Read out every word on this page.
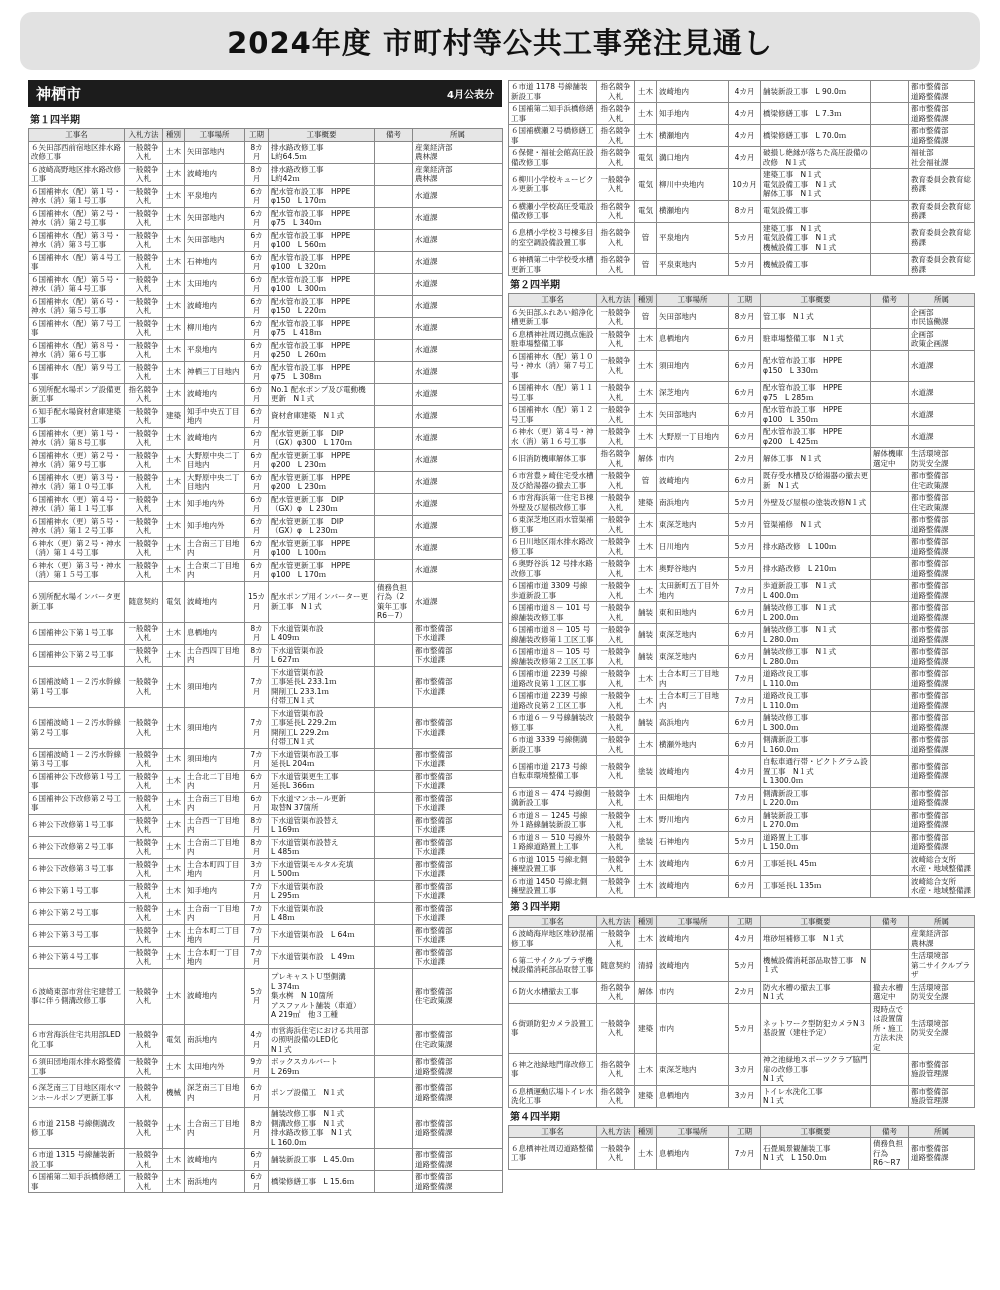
2024年度 市町村等公共工事発注見通し
神栖市	4月公表分
第１四半期
工事名	入札方法	種別	工事場所	工期	工事概要	備考	所属
６矢田部西前宿地区排水路改修工事	一般競争入札	土木	矢田部地内	8カ月	排水路改修工事
L約64.5ｍ		産業経済部
農林課
６波崎高野地区排水路改修工事	一般競争入札	土木	波崎地内	8カ月	排水路改修工事
L約42ｍ		産業経済部
農林課
６国補神水（配）第１号・神水（消）第１号工事	一般競争入札	土木	平泉地内	6カ月	配水管布設工事　HPPE
φ150　L 170ｍ		水道課
６国補神水（配）第２号・神水（消）第２号工事	一般競争入札	土木	矢田部地内	6カ月	配水管布設工事　HPPE
φ75　L 340ｍ		水道課
６国補神水（配）第３号・神水（消）第３号工事	一般競争入札	土木	矢田部地内	6カ月	配水管布設工事　HPPE
φ100　L 560ｍ		水道課
６国補神水（配）第４号工事	一般競争入札	土木	石神地内	6カ月	配水管布設工事　HPPE
φ100　L 320ｍ		水道課
６国補神水（配）第５号・神水（消）第４号工事	一般競争入札	土木	太田地内	6カ月	配水管布設工事　HPPE
φ100　L 300ｍ		水道課
６国補神水（配）第６号・神水（消）第５号工事	一般競争入札	土木	波崎地内	6カ月	配水管布設工事　HPPE
φ150　L 220ｍ		水道課
６国補神水（配）第７号工事	一般競争入札	土木	柳川地内	6カ月	配水管布設工事　HPPE
φ75　L 418ｍ		水道課
６国補神水（配）第８号・神水（消）第６号工事	一般競争入札	土木	平泉地内	6カ月	配水管布設工事　HPPE
φ250　L 260ｍ		水道課
６国補神水（配）第９号工事	一般競争入札	土木	神栖三丁目地内	6カ月	配水管布設工事　HPPE
φ75　L 308ｍ		水道課
６別所配水場ポンプ設備更新工事	指名競争入札	土木	波崎地内	6カ月	No.1 配水ポンプ及び電動機更新　N１式		水道課
６知手配水場資材倉庫建築工事	一般競争入札	建築	知手中央五丁目地内	6カ月	資材倉庫建築　N１式		水道課
６国補神水（更）第１号・神水（消）第８号工事	一般競争入札	土木	波崎地内	6カ月	配水管更新工事　DIP
（GX）φ300　L 170ｍ		水道課
６国補神水（更）第２号・神水（消）第９号工事	一般競争入札	土木	大野原中央二丁目地内	6カ月	配水管更新工事　HPPE
φ200　L 230ｍ		水道課
６国補神水（更）第３号・神水（消）第１０号工事	一般競争入札	土木	大野原中央二丁目地内	6カ月	配水管更新工事　HPPE
φ200　L 230ｍ		水道課
６国補神水（更）第４号・神水（消）第１１号工事	一般競争入札	土木	知手地内外	6カ月	配水管更新工事　DIP
（GX）φ　L 230ｍ		水道課
６国補神水（更）第５号・神水（消）第１２号工事	一般競争入札	土木	知手地内外	6カ月	配水管更新工事　DIP
（GX）φ　L 230ｍ		水道課
６神水（更）第２号・神水（消）第１４号工事	一般競争入札	土木	土合南三丁目地内	6カ月	配水管更新工事　HPPE
φ100　L 100ｍ		水道課
６神水（更）第３号・神水（消）第１５号工事	一般競争入札	土木	土合東二丁目地内	6カ月	配水管更新工事　HPPE
φ100　L 170ｍ		水道課
６別所配水場インバータ更新工事	随意契約	電気	波崎地内	15カ月	配水ポンプ用インバーター更新工事　N１式	債務負担行為（2策年工事R6－7）	水道課
６国補神公下第１号工事	一般競争入札	土木	息栖地内	8カ月	下水道管渠布設
L 409ｍ		都市整備部
下水道課
６国補神公下第２号工事	一般競争入札	土木	土合西四丁目地内	8カ月	下水道管渠布設
L 627ｍ		都市整備部
下水道課
６国補波崎１－２汚水幹線第１号工事	一般競争入札	土木	須田地内	7カ月	下水道管渠布設
工事延長L 233.1ｍ
開削工L 233.1ｍ
付帯工N１式		都市整備部
下水道課
６国補波崎１－２汚水幹線第２号工事	一般競争入札	土木	須田地内	7カ月	下水道管渠布設
工事延長L 229.2ｍ
開削工L 229.2ｍ
付帯工N１式		都市整備部
下水道課
６国補波崎１－２汚水幹線第３号工事	一般競争入札	土木	須田地内	7カ月	下水道管渠布設工事
延長L 204ｍ		都市整備部
下水道課
６国補神公下改修第１号工事	一般競争入札	土木	土合北二丁目地内	6カ月	下水道管渠更生工事
延長L 366ｍ		都市整備部
下水道課
６国補神公下改修第２号工事	一般競争入札	土木	土合南三丁目地内	6カ月	下水道マンホール更新
取替N 37箇所		都市整備部
下水道課
６神公下改修第１号工事	一般競争入札	土木	土合西一丁目地内	8カ月	下水道管渠布設替え
L 169ｍ		都市整備部
下水道課
６神公下改修第２号工事	一般競争入札	土木	土合南二丁目地内	8カ月	下水道管渠布設替え
L 485ｍ		都市整備部
下水道課
６神公下改修第３号工事	一般競争入札	土木	土合本町四丁目地内	3カ月	下水道管渠モルタル充填
L 500ｍ		都市整備部
下水道課
６神公下第１号工事	一般競争入札	土木	知手地内	7カ月	下水道管渠布設
L 295ｍ		都市整備部
下水道課
６神公下第２号工事	一般競争入札	土木	土合南一丁目地内	7カ月	下水道管渠布設
L 48ｍ		都市整備部
下水道課
６神公下第３号工事	一般競争入札	土木	土合本町二丁目地内	7カ月	下水道管渠布設　L 64ｍ		都市整備部
下水道課
６神公下第４号工事	一般競争入札	土木	土合本町一丁目地内	7カ月	下水道管渠布設　L 49ｍ		都市整備部
下水道課
６波崎東部市営住宅建替工事に伴う側溝改修工事	一般競争入札	土木	波崎地内	5カ月	プレキャストＵ型側溝
L 374ｍ
集水桝　N 10箇所
アスファルト舗装（車道）
A 219㎡　他３工種		都市整備部
住宅政策課
６市営海浜住宅共用部LED化工事	一般競争入札	電気	南浜地内	4カ月	市営海浜住宅における共用部の照明設備のLED化
N１式		都市整備部
住宅政策課
６須田団地雨水排水路整備工事	一般競争入札	土木	太田地内外	9カ月	ボックスカルバート
L 269ｍ		都市整備部
道路整備課
６深芝南三丁目地区雨水マンホールポンプ更新工事	一般競争入札	機械	深芝南三丁目地内	6カ月	ポンプ設備工　N１式		都市整備部
道路整備課
６市道 2158 号線側溝改修工事	一般競争入札	土木	土合南三丁目地内	8カ月	舗装改修工事　N１式
側溝改修工事　N１式
排水路改修工事　N１式
L 160.0ｍ		都市整備部
道路整備課
６市道 1315 号線舗装新設工事	一般競争入札	土木	波崎地内	6カ月	舗装新設工事　L 45.0ｍ		都市整備部
道路整備課
６国補第二知手浜橋修繕工事	一般競争入札	土木	南浜地内	6カ月	橋梁修繕工事　L 15.6ｍ		都市整備部
道路整備課
６市道 1178 号線舗装新設工事	指名競争入札	土木	波崎地内	4カ月	舗装新設工事　L 90.0ｍ		都市整備部
道路整備課
６国補第二知手浜橋修繕工事	指名競争入札	土木	知手地内	4カ月	橋梁修繕工事　L 7.3ｍ		都市整備部
道路整備課
６国補横瀬２号橋修繕工事	指名競争入札	土木	横瀬地内	4カ月	橋梁修繕工事　L 70.0ｍ		都市整備部
道路整備課
６保健・福祉会館高圧設備改修工事	指名競争入札	電気	溝口地内	4カ月	破損し絶縁が落ちた高圧設備の改修　N１式		福祉部
社会福祉課
６柳川小学校キュービクル更新工事	一般競争入札	電気	柳川中央地内	10カ月	建築工事　N１式
電気設備工事　N１式
解体工事　N１式		教育委員会教育総務課
６横瀬小学校高圧受電設備改修工事	指名競争入札	電気	横瀬地内	8カ月	電気設備工事		教育委員会教育総務課
６息栖小学校３号棟多目的室空調設備設置工事	指名競争入札	管	平泉地内	5カ月	建築工事　N１式
電気設備工事　N１式
機械設備工事　N１式		教育委員会教育総務課
６神栖第二中学校受水槽更新工事	指名競争入札	管	平泉東地内	5カ月	機械設備工事		教育委員会教育総務課
第２四半期
工事名	入札方法	種別	工事場所	工期	工事概要	備考	所属
６矢田部ふれあい館浄化槽更新工事	一般競争入札	管	矢田部地内	8カ月	管工事　N１式		企画部
市民協働課
６息栖神社周辺拠点施設駐車場整備工事	一般競争入札	土木	息栖地内	6カ月	駐車場整備工事　N１式		企画部
政策企画課
６国補神水（配）第１０号・神水（消）第７号工事	一般競争入札	土木	須田地内	6カ月	配水管布設工事　HPPE
φ150　L 330ｍ		水道課
６国補神水（配）第１１号工事	一般競争入札	土木	深芝地内	6カ月	配水管布設工事　HPPE
φ75　L 285ｍ		水道課
６国補神水（配）第１２号工事	一般競争入札	土木	矢田部地内	6カ月	配水管布設工事　HPPE
φ100　L 350ｍ		水道課
６神水（更）第４号・神水（消）第１６号工事	一般競争入札	土木	大野原一丁目地内	6カ月	配水管布設工事　HPPE
φ200　L 425ｍ		水道課
６旧消防機庫解体工事	指名競争入札	解体	市内	2カ月	解体工事　N１式	解体機庫選定中	生活環境部
防災安全課
６市営豊ヶ崎住宅受水槽及び給湯器の撤去工事	一般競争入札	管	波崎地内	6カ月	既存受水槽及び給湯器の撤去更新　N１式		都市整備部
住宅政策課
６市営海浜第一住宅Ｂ棟外壁及び屋根改修工事	一般競争入札	建築	南浜地内	5カ月	外壁及び屋根の塗装改修N１式		都市整備部
住宅政策課
６東深芝地区雨水管渠補修工事	一般競争入札	土木	東深芝地内	5カ月	管渠補修　N１式		都市整備部
道路整備課
６日川地区雨水排水路改修工事	一般競争入札	土木	日川地内	5カ月	排水路改修　L 100ｍ		都市整備部
道路整備課
６奥野谷浜 12 号排水路改修工事	一般競争入札	土木	奥野谷地内	5カ月	排水路改修　L 210ｍ		都市整備部
道路整備課
６国補市道 3309 号線歩道新設工事	一般競争入札	土木	太田新町五丁目外地内	7カ月	歩道新設工事　N１式
L 400.0ｍ		都市整備部
道路整備課
６国補市道８－ 101 号線舗装改修工事	一般競争入札	舗装	東和田地内	6カ月	舗装改修工事　N１式
L 200.0ｍ		都市整備部
道路整備課
６国補市道８－ 105 号線舗装改修第１工区工事	一般競争入札	舗装	東深芝地内	6カ月	舗装改修工事　N１式
L 280.0ｍ		都市整備部
道路整備課
６国補市道８－ 105 号線舗装改修第２工区工事	一般競争入札	舗装	東深芝地内	6カ月	舗装改修工事　N１式
L 280.0ｍ		都市整備部
道路整備課
６国補市道 2239 号線道路改良第１工区工事	一般競争入札	土木	土合本町三丁目地内	7カ月	道路改良工事
L 110.0ｍ		都市整備部
道路整備課
６国補市道 2239 号線道路改良第２工区工事	一般競争入札	土木	土合本町三丁目地内	7カ月	道路改良工事
L 110.0ｍ		都市整備部
道路整備課
６市道６－９号線舗装改修工事	一般競争入札	舗装	高浜地内	6カ月	舗装改修工事
L 300.0ｍ		都市整備部
道路整備課
６市道 3339 号線側溝新設工事	一般競争入札	土木	横瀬外地内	6カ月	側溝新設工事
L 160.0ｍ		都市整備部
道路整備課
６国補市道 2173 号線自転車環境整備工事	一般競争入札	塗装	波崎地内	4カ月	自転車通行帯・ピクトグラム設置工事　N１式
L 1300.0ｍ		都市整備部
道路整備課
６市道８－ 474 号線側溝新設工事	一般競争入札	土木	田畑地内	7カ月	側溝新設工事
L 220.0ｍ		都市整備部
道路整備課
６市道８－ 1245 号線外１路線舗装新設工事	一般競争入札	土木	野川地内	6カ月	舗装新設工事
L 270.0ｍ		都市整備部
道路整備課
６市道８－ 510 号線外１路線道路置上工事	一般競争入札	塗装	石神地内	5カ月	道路置上工事
L 150.0ｍ		都市整備部
道路整備課
６市道 1015 号線北側擁壁設置工事	一般競争入札	土木	波崎地内	6カ月	工事延長L 45ｍ		波崎総合支所
水産・地域整備課
６市道 1450 号線北側擁壁設置工事	一般競争入札	土木	波崎地内	6カ月	工事延長L 135ｍ		波崎総合支所
水産・地域整備課
第３四半期
工事名	入札方法	種別	工事場所	工期	工事概要	備考	所属
６波崎海岸地区堆砂混補修工事	一般競争入札	土木	波崎地内	4カ月	堆砂垣補修工事　N１式		産業経済部
農林課
６第二サイクルプラザ機械設備消耗部品取替工事	随意契約	清掃	波崎地内	5カ月	機械設備消耗部品取替工事　N１式		生活環境部
第二サイクルプラザ
６防火水槽撤去工事	指名競争入札	解体	市内	2カ月	防火水槽の撤去工事
N１式	撤去水槽選定中	生活環境部
防災安全課
６街頭防犯カメラ設置工事	一般競争入札	建築	市内	5カ月	ネットワーク型防犯カメラN３基設置（建柱予定）	現時点では設置箇所・施工方法未決定	生活環境部
防災安全課
６神之池緑地門扉改修工事	指名競争入札	土木	東深芝地内	3カ月	神之池緑地スポーツクラブ脇門扉の改修工事
N１式		都市整備部
施設管理課
６息栖運動広場トイレ水洗化工事	指名競争入札	建築	息栖地内	3カ月	トイレ水洗化工事
N１式		都市整備部
施設管理課
第４四半期
工事名	入札方法	種別	工事場所	工期	工事概要	備考	所属
６息栖神社周辺道路整備工事	一般競争入札	土木	息栖地内	7カ月	石畳風景観舗装工事
N１式　L 150.0ｍ	債務負担行為
R6～R7	都市整備部
道路整備課
